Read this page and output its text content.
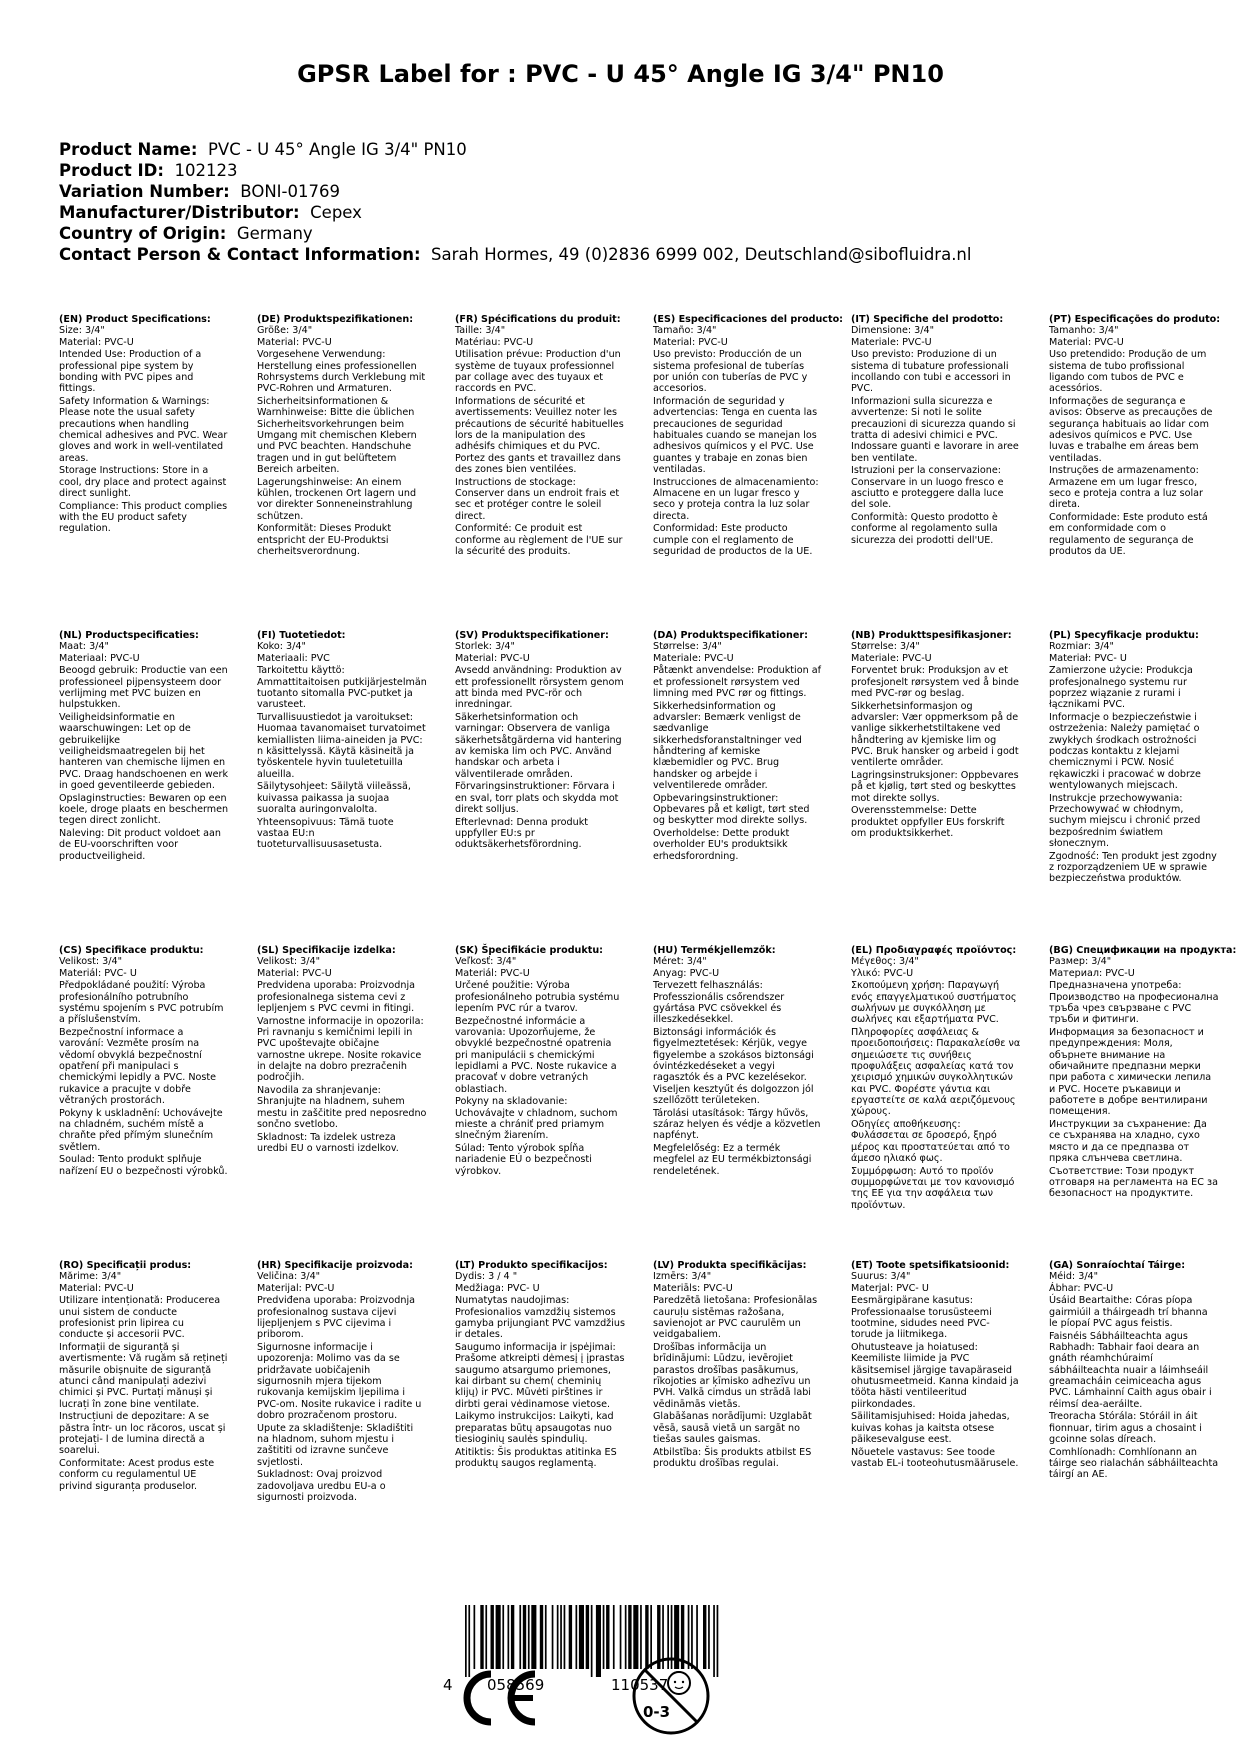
GPSR Label for : PVC - U 45° Angle IG 3/4" PN10
Product Name: PVC - U 45° Angle IG 3/4" PN10
Product ID: 102123
Variation Number: BONI-01769
Manufacturer/Distributor: Cepex
Country of Origin: Germany
Contact Person & Contact Information: Sarah Hormes, 49 (0)2836 6999 002, Deutschland@sibofluidra.nl
(EN) Product Specifications:

Size: 3/4"

Material: PVC-U

Intended Use: Production of a professional pipe system by bonding with PVC pipes and fittings.

Safety Information & Warnings: Please note the usual safety precautions when handling chemical adhesives and PVC. Wear gloves and work in well-ventilated areas.

Storage Instructions: Store in a cool, dry place and protect against direct sunlight.

Compliance: This product complies with the EU product safety regulation.

(DE) Produktspezifikationen:

Größe: 3/4"

Material: PVC-U

Vorgesehene Verwendung: Herstellung eines professionellen Rohrsystems durch Verklebung mit PVC-Rohren und Armaturen.

Sicherheitsinformationen & Warnhinweise: Bitte die üblichen Sicherheitsvorkehrungen beim Umgang mit chemischen Klebern und PVC beachten. Handschuhe tragen und in gut belüftetem Bereich arbeiten.

Lagerungshinweise: An einem kühlen, trockenen Ort lagern und vor direkter Sonneneinstrahlung schützen.

Konformität: Dieses Produkt entspricht der EU-Produktsi cherheitsverordnung.

(FR) Spécifications du produit:

Taille: 3/4"

Matériau: PVC-U

Utilisation prévue: Production d'un système de tuyaux professionnel par collage avec des tuyaux et raccords en PVC.

Informations de sécurité et avertissements: Veuillez noter les précautions de sécurité habituelles lors de la manipulation des adhésifs chimiques et du PVC. Portez des gants et travaillez dans des zones bien ventilées.

Instructions de stockage: Conserver dans un endroit frais et sec et protéger contre le soleil direct.

Conformité: Ce produit est conforme au règlement de l'UE sur la sécurité des produits.

(ES) Especificaciones del producto:

Tamaño: 3/4"

Material: PVC-U

Uso previsto: Producción de un sistema profesional de tuberías por unión con tuberías de PVC y accesorios.

Información de seguridad y advertencias: Tenga en cuenta las precauciones de seguridad habituales cuando se manejan los adhesivos químicos y el PVC. Use guantes y trabaje en zonas bien ventiladas.

Instrucciones de almacenamiento: Almacene en un lugar fresco y seco y proteja contra la luz solar directa.

Conformidad: Este producto cumple con el reglamento de seguridad de productos de la UE.

(IT) Specifiche del prodotto:

Dimensione: 3/4"

Materiale: PVC-U

Uso previsto: Produzione di un sistema di tubature professionali incollando con tubi e accessori in PVC.

Informazioni sulla sicurezza e avvertenze: Si noti le solite precauzioni di sicurezza quando si tratta di adesivi chimici e PVC. Indossare guanti e lavorare in aree ben ventilate.

Istruzioni per la conservazione: Conservare in un luogo fresco e asciutto e proteggere dalla luce del sole.

Conformità: Questo prodotto è conforme al regolamento sulla sicurezza dei prodotti dell'UE.

(PT) Especificações do produto:

Tamanho: 3/4"

Material: PVC-U

Uso pretendido: Produção de um sistema de tubo profissional ligando com tubos de PVC e acessórios.

Informações de segurança e avisos: Observe as precauções de segurança habituais ao lidar com adesivos químicos e PVC. Use luvas e trabalhe em áreas bem ventiladas.

Instruções de armazenamento: Armazene em um lugar fresco, seco e proteja contra a luz solar direta.

Conformidade: Este produto está em conformidade com o regulamento de segurança de produtos da UE.

(NL) Productspecificaties:

Maat: 3/4"

Materiaal: PVC-U

Beoogd gebruik: Productie van een professioneel pijpensysteem door verlijming met PVC buizen en hulpstukken.

Veiligheidsinformatie en waarschuwingen: Let op de gebruikelijke veiligheidsmaatregelen bij het hanteren van chemische lijmen en PVC. Draag handschoenen en werk in goed geventileerde gebieden.

Opslaginstructies: Bewaren op een koele, droge plaats en beschermen tegen direct zonlicht.

Naleving: Dit product voldoet aan de EU-voorschriften voor productveiligheid.

(FI) Tuotetiedot:

Koko: 3/4"

Materiaali: PVC

Tarkoitettu käyttö: Ammattitaitoisen putkijärjestelmän tuotanto sitomalla PVC-putket ja varusteet.

Turvallisuustiedot ja varoitukset: Huomaa tavanomaiset turvatoimet kemiallisten liima-aineiden ja PVC: n käsittelyssä. Käytä käsineitä ja työskentele hyvin tuuletetuilla alueilla.

Säilytysohjeet: Säilytä viileässä, kuivassa paikassa ja suojaa suoralta auringonvalolta.

Yhteensopivuus: Tämä tuote vastaa EU:n tuoteturvallisuusasetusta.

(SV) Produktspecifikationer:

Storlek: 3/4"

Material: PVC-U

Avsedd användning: Produktion av ett professionellt rörsystem genom att binda med PVC-rör och inredningar.

Säkerhetsinformation och varningar: Observera de vanliga säkerhetsåtgärderna vid hantering av kemiska lim och PVC. Använd handskar och arbeta i välventilerade områden.

Förvaringsinstruktioner: Förvara i en sval, torr plats och skydda mot direkt solljus.

Efterlevnad: Denna produkt uppfyller EU:s pr oduktsäkerhetsförordning.

(DA) Produktspecifikationer:

Størrelse: 3/4"

Materiale: PVC-U

Påtænkt anvendelse: Produktion af et professionelt rørsystem ved limning med PVC rør og fittings.

Sikkerhedsinformation og advarsler: Bemærk venligst de sædvanlige sikkerhedsforanstaltninger ved håndtering af kemiske klæbemidler og PVC. Brug handsker og arbejde i velventilerede områder.

Opbevaringsinstruktioner: Opbevares på et køligt, tørt sted og beskytter mod direkte sollys.

Overholdelse: Dette produkt overholder EU's produktsikk erhedsforordning.

(NB) Produkttspesifikasjoner:

Størrelse: 3/4"

Materiale: PVC-U

Forventet bruk: Produksjon av et profesjonelt rørsystem ved å binde med PVC-rør og beslag.

Sikkerhetsinformasjon og advarsler: Vær oppmerksom på de vanlige sikkerhetstiltakene ved håndtering av kjemiske lim og PVC. Bruk hansker og arbeid i godt ventilerte områder.

Lagringsinstruksjoner: Oppbevares på et kjølig, tørt sted og beskyttes mot direkte sollys.

Overensstemmelse: Dette produktet oppfyller EUs forskrift om produktsikkerhet.

(PL) Specyfikacje produktu:

Rozmiar: 3/4"

Materiał: PVC- U

Zamierzone użycie: Produkcja profesjonalnego systemu rur poprzez wiązanie z rurami i łącznikami PVC.

Informacje o bezpieczeństwie i ostrzeżenia: Należy pamiętać o zwykłych środkach ostrożności podczas kontaktu z klejami chemicznymi i PCW. Nosić rękawiczki i pracować w dobrze wentylowanych miejscach.

Instrukcje przechowywania: Przechowywać w chłodnym, suchym miejscu i chronić przed bezpośrednim światłem słonecznym.

Zgodność: Ten produkt jest zgodny z rozporządzeniem UE w sprawie bezpieczeństwa produktów.

(CS) Specifikace produktu:

Velikost: 3/4"

Materiál: PVC- U

Předpokládané použití: Výroba profesionálního potrubního systému spojením s PVC potrubím a příslušenstvím.

Bezpečnostní informace a varování: Vezměte prosím na vědomí obvyklá bezpečnostní opatření při manipulaci s chemickými lepidly a PVC. Noste rukavice a pracujte v dobře větraných prostorách.

Pokyny k uskladnění: Uchovávejte na chladném, suchém místě a chraňte před přímým slunečním světlem.

Soulad: Tento produkt splňuje nařízení EU o bezpečnosti výrobků.

(SL) Specifikacije izdelka:

Velikost: 3/4"

Material: PVC-U

Predvidena uporaba: Proizvodnja profesionalnega sistema cevi z lepljenjem s PVC cevmi in fitingi.

Varnostne informacije in opozorila: Pri ravnanju s kemičnimi lepili in PVC upoštevajte običajne varnostne ukrepe. Nosite rokavice in delajte na dobro prezračenih področjih.

Navodila za shranjevanje: Shranjujte na hladnem, suhem mestu in zaščitite pred neposredno sončno svetlobo.

Skladnost: Ta izdelek ustreza uredbi EU o varnosti izdelkov.

(SK) Špecifikácie produktu:

Veľkosť: 3/4"

Materiál: PVC-U

Určené použitie: Výroba profesionálneho potrubia systému lepením PVC rúr a tvarov.

Bezpečnostné informácie a varovania: Upozorňujeme, že obvyklé bezpečnostné opatrenia pri manipulácii s chemickými lepidlami a PVC. Noste rukavice a pracovať v dobre vetraných oblastiach.

Pokyny na skladovanie: Uchovávajte v chladnom, suchom mieste a chrániť pred priamym slnečným žiarením.

Súlad: Tento výrobok spĺňa nariadenie EÚ o bezpečnosti výrobkov.

(HU) Termékjellemzők:

Méret: 3/4"

Anyag: PVC-U

Tervezett felhasználás: Professzionális csőrendszer gyártása PVC csövekkel és illeszkedésekkel.

Biztonsági információk és figyelmeztetések: Kérjük, vegye figyelembe a szokásos biztonsági óvintézkedéseket a vegyi ragasztók és a PVC kezelésekor. Viseljen kesztyűt és dolgozzon jól szellőzött területeken.

Tárolási utasítások: Tárgy hűvös, száraz helyen és védje a közvetlen napfényt.

Megfelelőség: Ez a termék megfelel az EU termékbiztonsági rendeletének.

(EL) Προδιαγραφές προϊόντος:

Μέγεθος: 3/4"

Υλικό: PVC-U

Σκοπούμενη χρήση: Παραγωγή ενός επαγγελματικού συστήματος σωλήνων με συγκόλληση με σωλήνες και εξαρτήματα PVC.

Πληροφορίες ασφάλειας & προειδοποιήσεις: Παρακαλείσθε να σημειώσετε τις συνήθεις προφυλάξεις ασφαλείας κατά τον χειρισμό χημικών συγκολλητικών και PVC. Φορέστε γάντια και εργαστείτε σε καλά αεριζόμενους χώρους.

Οδηγίες αποθήκευσης: Φυλάσσεται σε δροσερό, ξηρό μέρος και προστατεύεται από το άμεσο ηλιακό φως.

Συμμόρφωση: Αυτό το προϊόν συμμορφώνεται με τον κανονισμό της ΕΕ για την ασφάλεια των προϊόντων.

(BG) Спецификации на продукта:

Размер: 3/4"

Материал: PVC-U

Предназначена употреба: Производство на професионална тръба чрез свързване с PVC тръби и фитинги.

Информация за безопасност и предупреждения: Моля, обърнете внимание на обичайните предпазни мерки при работа с химически лепила и PVC. Носете ръкавици и работете в добре вентилирани помещения.

Инструкции за съхранение: Да се съхранява на хладно, сухо място и да се предпазва от пряка слънчева светлина.

Съответствие: Този продукт отговаря на регламента на ЕС за безопасност на продуктите.

(RO) Specificații produs:

Mărime: 3/4"

Material: PVC-U

Utilizare intenționată: Producerea unui sistem de conducte profesionist prin lipirea cu conducte și accesorii PVC.

Informații de siguranță și avertismente: Vă rugăm să rețineți măsurile obișnuite de siguranță atunci când manipulați adezivi chimici și PVC. Purtați mănuși și lucrați în zone bine ventilate.

Instrucțiuni de depozitare: A se păstra într- un loc răcoros, uscat și protejați- l de lumina directă a soarelui.

Conformitate: Acest produs este conform cu regulamentul UE privind siguranța produselor.

(HR) Specifikacije proizvoda:

Veličina: 3/4"

Materijal: PVC-U

Predviđena uporaba: Proizvodnja profesionalnog sustava cijevi lijepljenjem s PVC cijevima i priborom.

Sigurnosne informacije i upozorenja: Molimo vas da se pridržavate uobičajenih sigurnosnih mjera tijekom rukovanja kemijskim ljepilima i PVC-om. Nosite rukavice i radite u dobro prozračenom prostoru.

Upute za skladištenje: Skladištiti na hladnom, suhom mjestu i zaštititi od izravne sunčeve svjetlosti.

Sukladnost: Ovaj proizvod zadovoljava uredbu EU-a o sigurnosti proizvoda.

(LT) Produkto specifikacijos:

Dydis: 3 / 4 "

Medžiaga: PVC- U

Numatytas naudojimas: Profesionalios vamzdžių sistemos gamyba prijungiant PVC vamzdžius ir detales.

Saugumo informacija ir įspėjimai: Prašome atkreipti dėmesį į įprastas saugumo atsargumo priemones, kai dirbant su chem( cheminių klijų) ir PVC. Mūvėti pirštines ir dirbti gerai vėdinamose vietose.

Laikymo instrukcijos: Laikyti, kad preparatas būtų apsaugotas nuo tiesioginių saulės spindulių.

Atitiktis: Šis produktas atitinka ES produktų saugos reglamentą.

(LV) Produkta specifikācijas:

Izmērs: 3/4"

Materiāls: PVC-U

Paredzētā lietošana: Profesionālas cauruļu sistēmas ražošana, savienojot ar PVC caurulēm un veidgabaliem.

Drošības informācija un brīdinājumi: Lūdzu, ievērojiet parastos drošības pasākumus, rīkojoties ar ķīmisko adhezīvu un PVH. Valkā cimdus un strādā labi vēdināmās vietās.

Glabāšanas norādījumi: Uzglabāt vēsā, sausā vietā un sargāt no tiešas saules gaismas.

Atbilstība: Šis produkts atbilst ES produktu drošības regulai.

(ET) Toote spetsifikatsioonid:

Suurus: 3/4"

Materjal: PVC- U

Eesmärgipärane kasutus: Professionaalse torusüsteemi tootmine, sidudes need PVC-torude ja liitmikega.

Ohutusteave ja hoiatused: Keemiliste liimide ja PVC käsitsemisel järgige tavapäraseid ohutusmeetmeid. Kanna kindaid ja tööta hästi ventileeritud piirkondades.

Säilitamisjuhised: Hoida jahedas, kuivas kohas ja kaitsta otsese päikesevalguse eest.

Nõuetele vastavus: See toode vastab EL-i tooteohutusmäärusele.

(GA) Sonraíochtaí Táirge:

Méid: 3/4"

Ábhar: PVC-U

Úsáid Beartaithe: Córas píopa gairmiúil a tháirgeadh trí bhanna le píopaí PVC agus feistis.

Faisnéis Sábháilteachta agus Rabhadh: Tabhair faoi deara an gnáth réamhchúraimí sábháilteachta nuair a láimhseáil greamacháin ceimiceacha agus PVC. Lámhainní Caith agus obair i réimsí dea-aeráilte.

Treoracha Stórála: Stóráil in áit fionnuar, tirim agus a chosaint i gcoinne solas díreach.

Comhlíonadh: Comhlíonann an táirge seo rialachán sábháilteachta táirgí an AE.

4 058569	110537
0-3
